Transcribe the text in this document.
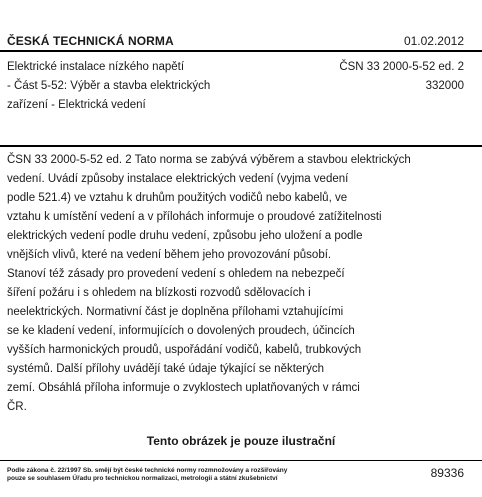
ČESKÁ TECHNICKÁ NORMA	01.02.2012
Elektrické instalace nízkého napětí
- Část 5-52: Výběr a stavba elektrických
zařízení - Elektrická vedení
ČSN 33 2000-5-52 ed. 2
332000
ČSN 33 2000-5-52 ed. 2 Tato norma se zabývá výběrem a stavbou elektrických
vedení. Uvádí způsoby instalace elektrických vedení (vyjma vedení
podle 521.4) ve vztahu k druhům použitých vodičů nebo kabelů, ve
vztahu k umístění vedení a v přílohách informuje o proudové zatížitelnosti
elektrických vedení podle druhu vedení, způsobu jeho uložení a podle
vnějších vlivů, které na vedení během jeho provozování působí.
Stanoví též zásady pro provedení vedení s ohledem na nebezpečí
šíření požáru i s ohledem na blízkosti rozvodů sdělovacích i
neelektrických. Normativní část je doplněna přílohami vztahujícími
se ke kladení vedení, informujících o dovolených proudech, účincích
vyšších harmonických proudů, uspořádání vodičů, kabelů, trubkových
systémů. Další přílohy uvádějí také údaje týkající se některých
zemí. Obsáhlá příloha informuje o zvyklostech uplatňovaných v rámci
ČR.
Tento obrázek je pouze ilustrační
Podle zákona č. 22/1997 Sb. smějí být české technické normy rozmnožovány a rozšiřovány
pouze se souhlasem Úřadu pro technickou normalizaci, metrologii a státní zkušebnictví	89336
